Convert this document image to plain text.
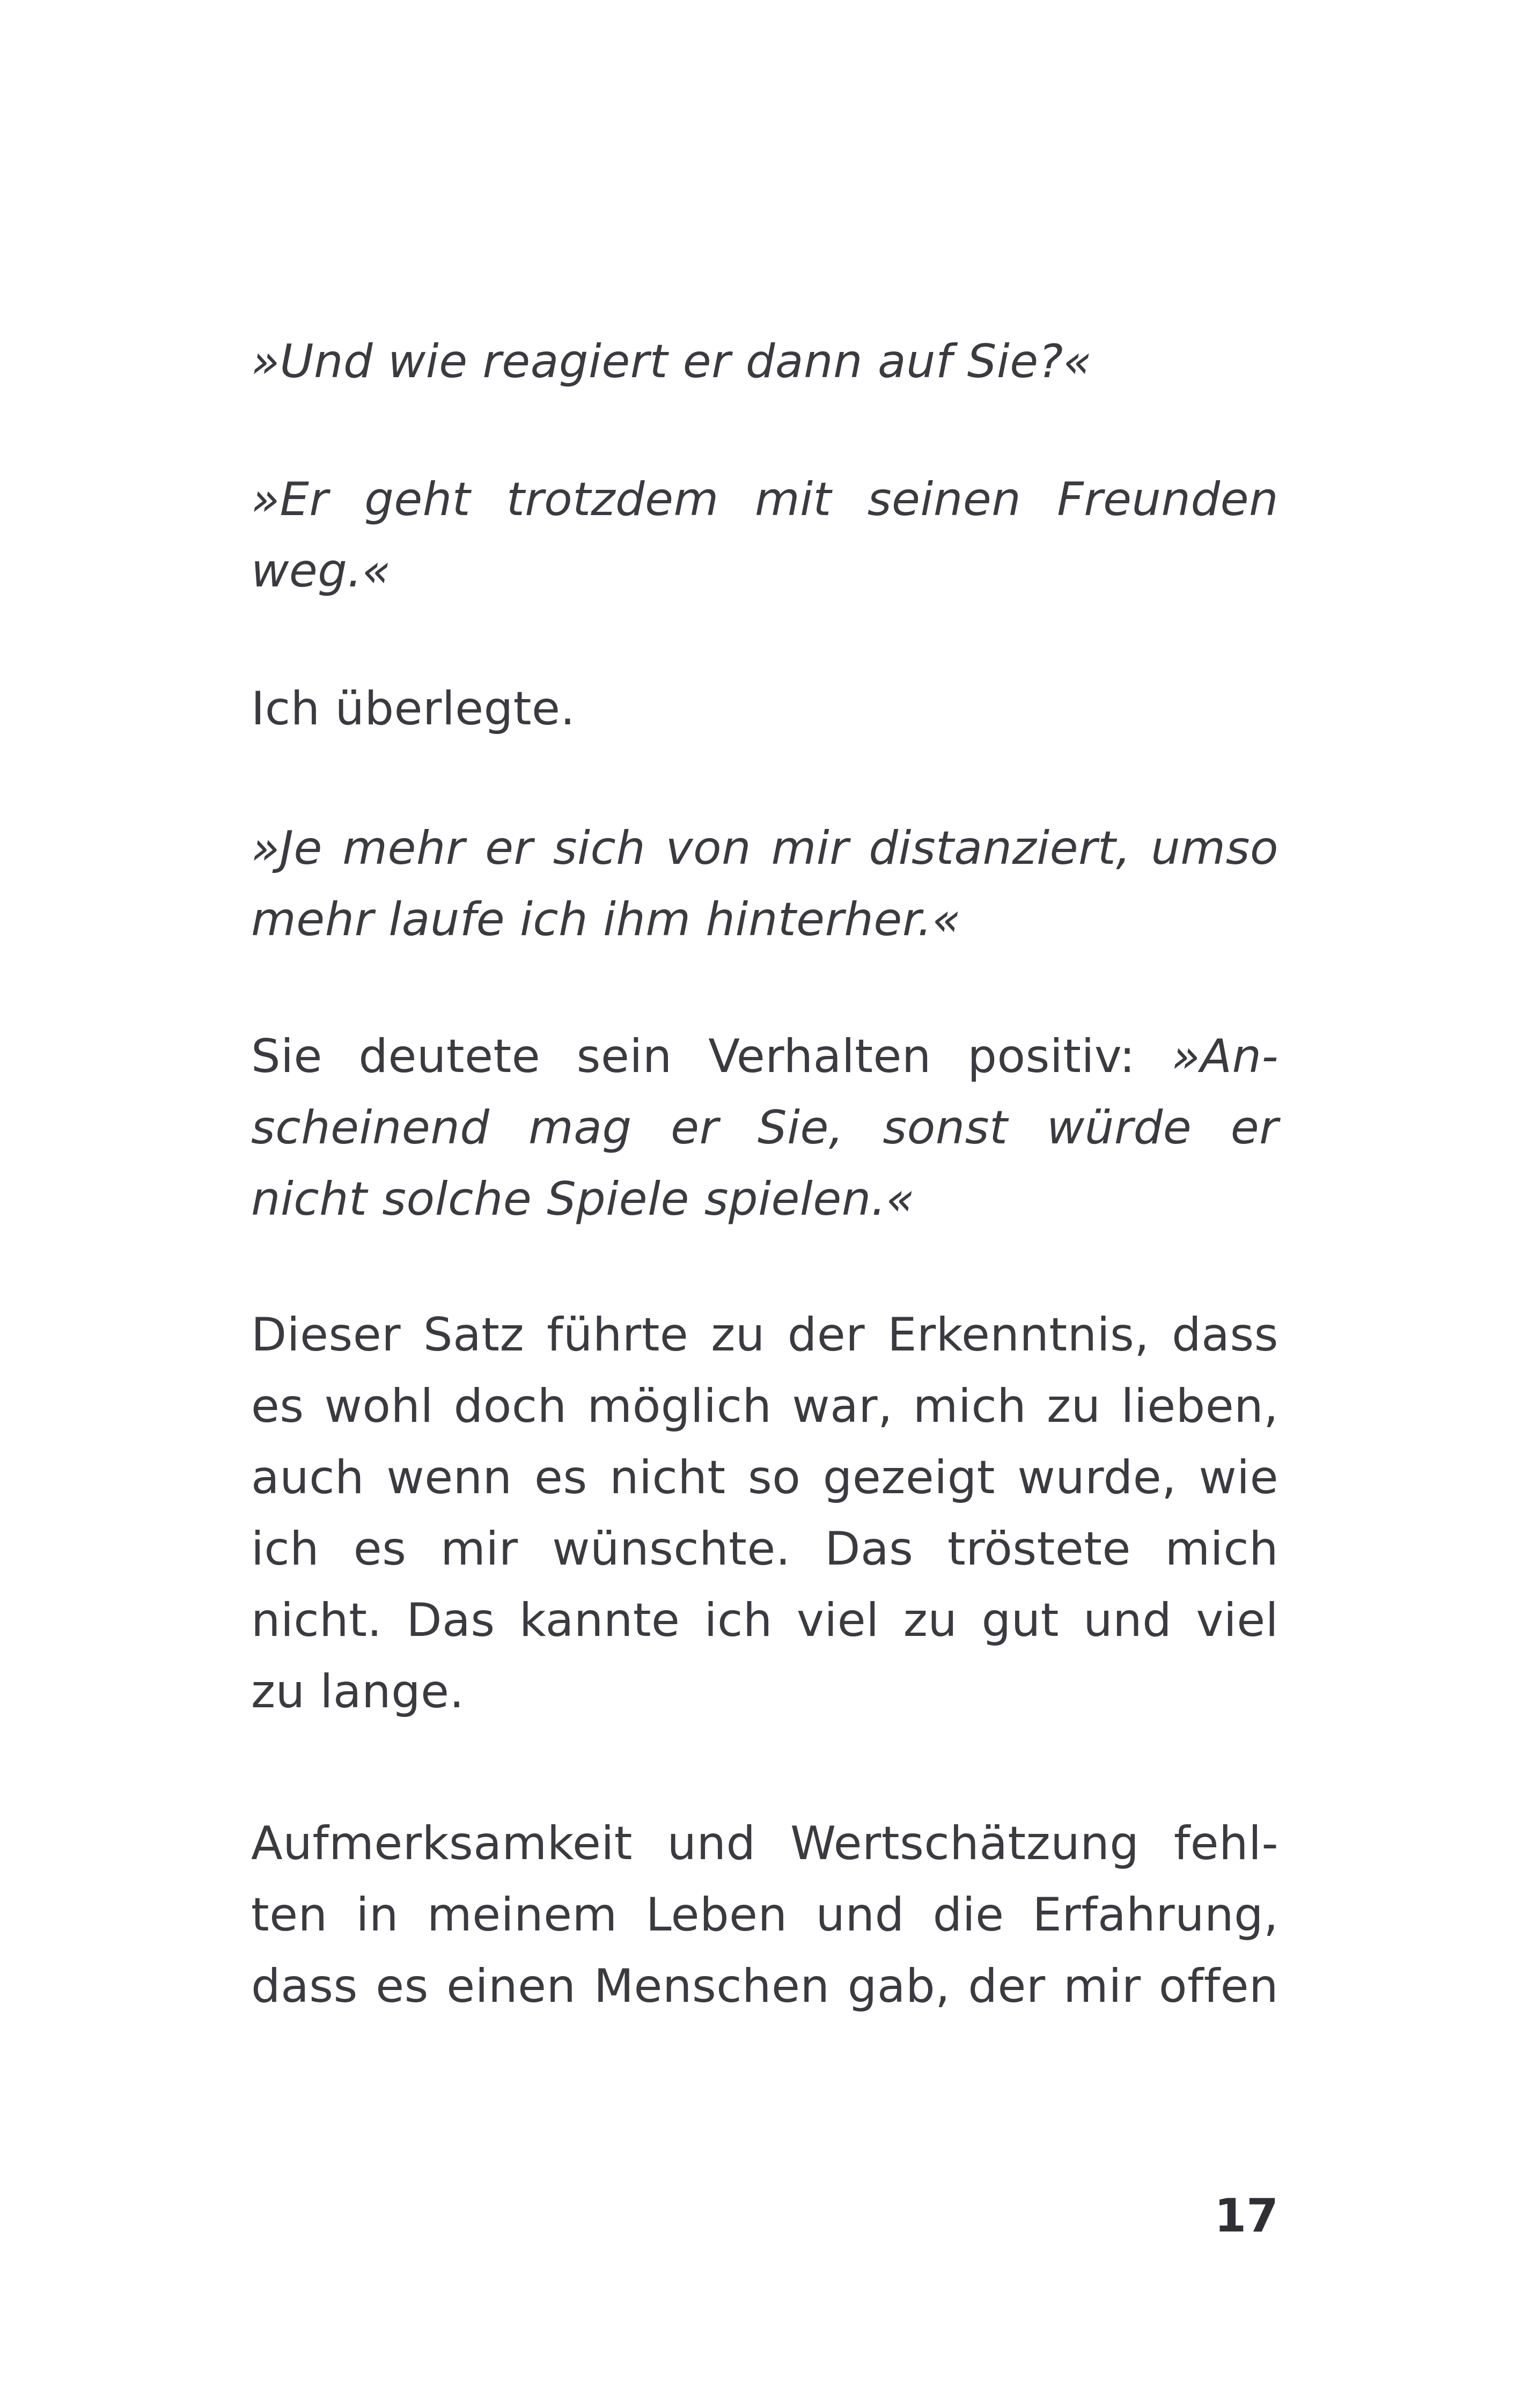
»Und wie reagiert er dann auf Sie?«
»Er geht trotzdem mit seinen Freunden
weg.«
Ich überlegte.
»Je mehr er sich von mir distanziert, umso
mehr laufe ich ihm hinterher.«
Sie deutete sein Verhalten positiv: »An-
scheinend mag er Sie, sonst würde er
nicht solche Spiele spielen.«
Dieser Satz führte zu der Erkenntnis, dass
es wohl doch möglich war, mich zu lieben,
auch wenn es nicht so gezeigt wurde, wie
ich es mir wünschte. Das tröstete mich
nicht. Das kannte ich viel zu gut und viel
zu lange.
Aufmerksamkeit und Wertschätzung fehl-
ten in meinem Leben und die Erfahrung,
dass es einen Menschen gab, der mir offen
17
